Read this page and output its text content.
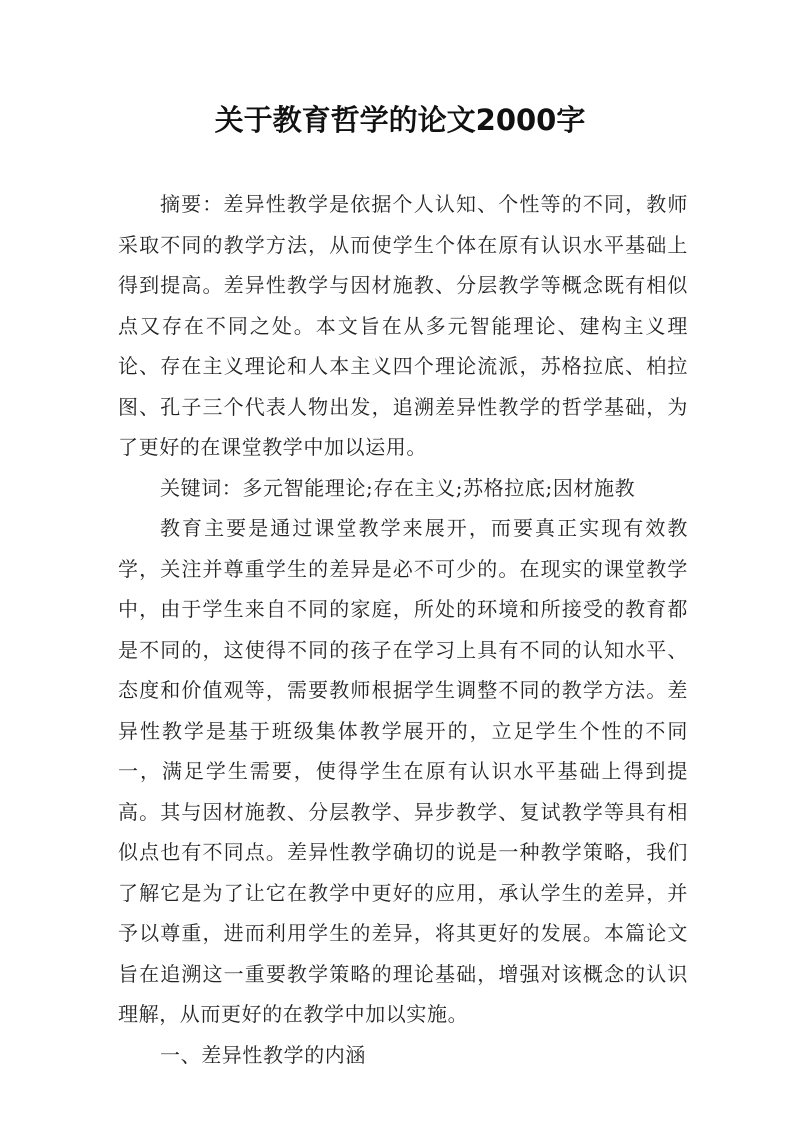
关于教育哲学的论文2000字

摘要：差异性教学是依据个人认知、个性等的不同，教师采取不同的教学方法，从而使学生个体在原有认识水平基础上得到提高。差异性教学与因材施教、分层教学等概念既有相似点又存在不同之处。本文旨在从多元智能理论、建构主义理论、存在主义理论和人本主义四个理论流派，苏格拉底、柏拉图、孔子三个代表人物出发，追溯差异性教学的哲学基础，为了更好的在课堂教学中加以运用。

关键词：多元智能理论;存在主义;苏格拉底;因材施教

教育主要是通过课堂教学来展开，而要真正实现有效教学，关注并尊重学生的差异是必不可少的。在现实的课堂教学中，由于学生来自不同的家庭，所处的环境和所接受的教育都是不同的，这使得不同的孩子在学习上具有不同的认知水平、态度和价值观等，需要教师根据学生调整不同的教学方法。差异性教学是基于班级集体教学展开的，立足学生个性的不同一，满足学生需要，使得学生在原有认识水平基础上得到提高。其与因材施教、分层教学、异步教学、复试教学等具有相似点也有不同点。差异性教学确切的说是一种教学策略，我们了解它是为了让它在教学中更好的应用，承认学生的差异，并予以尊重，进而利用学生的差异，将其更好的发展。本篇论文旨在追溯这一重要教学策略的理论基础，增强对该概念的认识理解，从而更好的在教学中加以实施。

一、差异性教学的内涵
